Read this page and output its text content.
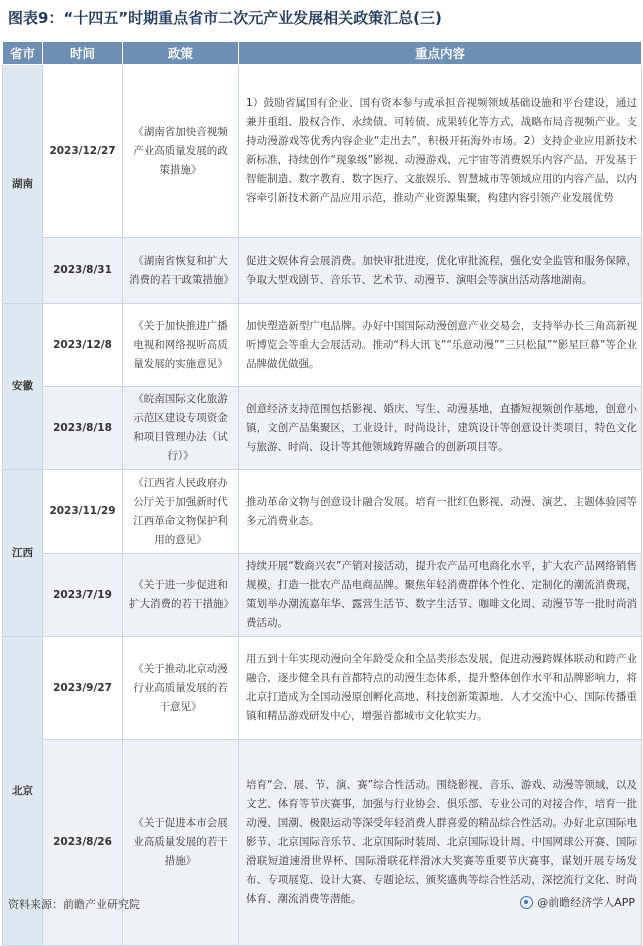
图表9：“十四五”时期重点省市二次元产业发展相关政策汇总(三)
省市	时间	政策	重点内容
湖南	2023/12/27	《湖南省加快音视频产业高质量发展的政策措施》	1）鼓励省属国有企业、国有资本参与或承担音视频领域基础设施和平台建设，通过兼并重组、股权合作、永续债、可转债、成果转化等方式，战略布局音视频产业。支持动漫游戏等优秀内容企业“走出去”，积极开拓海外市场。2）支持企业应用新技术新标准，持续创作“现象级”影视、动漫游戏、元宇宙等消费娱乐内容产品，开发基于智能制造、数字教育、数字医疗、文旅娱乐、智慧城市等领域应用的内容产品，以内容牵引新技术新产品应用示范，推动产业资源集聚，构建内容引领产业发展优势
	2023/8/31	《湖南省恢复和扩大消费的若干政策措施》	促进文娱体育会展消费。加快审批进度，优化审批流程，强化安全监管和服务保障，争取大型戏剧节、音乐节、艺术节、动漫节、演唱会等演出活动落地湖南。
安徽	2023/12/8	《关于加快推进广播电视和网络视听高质量发展的实施意见》	加快塑造新型广电品牌。办好中国国际动漫创意产业交易会，支持举办长三角高新视听博览会等重大会展活动。推动“科大讯飞”“乐意动漫”“三只松鼠”“影星巨幕”等企业品牌做优做强。
	2023/8/18	《皖南国际文化旅游示范区建设专项资金和项目管理办法（试行）》	创意经济支持范围包括影视、婚庆、写生、动漫基地，直播短视频创作基地，创意小镇，文创产品集聚区，工业设计，时尚设计，建筑设计等创意设计类项目，特色文化与旅游、时尚、设计等其他领域跨界融合的创新项目等。
江西	2023/11/29	《江西省人民政府办公厅关于加强新时代江西革命文物保护利用的意见》	推动革命文物与创意设计融合发展。培育一批红色影视、动漫、演艺、主题体验园等多元消费业态。
	2023/7/19	《关于进一步促进和扩大消费的若干措施》	持续开展“数商兴农”产销对接活动，提升农产品可电商化水平，扩大农产品网络销售规模，打造一批农产品电商品牌。聚焦年轻消费群体个性化、定制化的潮流消费现，策划举办潮流嘉年华、露营生活节、数字生活节、咖啡文化周、动漫节等一批时尚消费活动。
北京	2023/9/27	《关于推动北京动漫行业高质量发展的若干意见》	用五到十年实现动漫向全年龄受众和全品类形态发展，促进动漫跨媒体联动和跨产业融合，逐步健全具有首都特点的动漫生态体系，提升整体创作水平和品牌影响力，将北京打造成为全国动漫原创孵化高地、科技创新策源地、人才交流中心、国际传播重镇和精品游戏研发中心，增强首都城市文化软实力。
	2023/8/26	《关于促进本市会展业高质量发展的若干措施》	培育“会、展、节、演、赛”综合性活动。围绕影视、音乐、游戏、动漫等领域，以及文艺、体育等节庆赛事，加强与行业协会、俱乐部、专业公司的对接合作，培育一批动漫、国潮、极限运动等深受年轻消费人群喜爱的精品综合性活动。办好北京国际电影节、北京国际音乐节、北京国际时装周、北京国际设计周、中国网球公开赛、国际滑联短道速滑世界杯、国际滑联花样滑冰大奖赛等重要节庆赛事，谋划开展专场发布、专项展览、设计大赛、专题论坛、颁奖盛典等综合性活动，深挖流行文化、时尚体育、潮流消费等潜能。
资料来源：前瞻产业研究院	@前瞻经济学人APP
